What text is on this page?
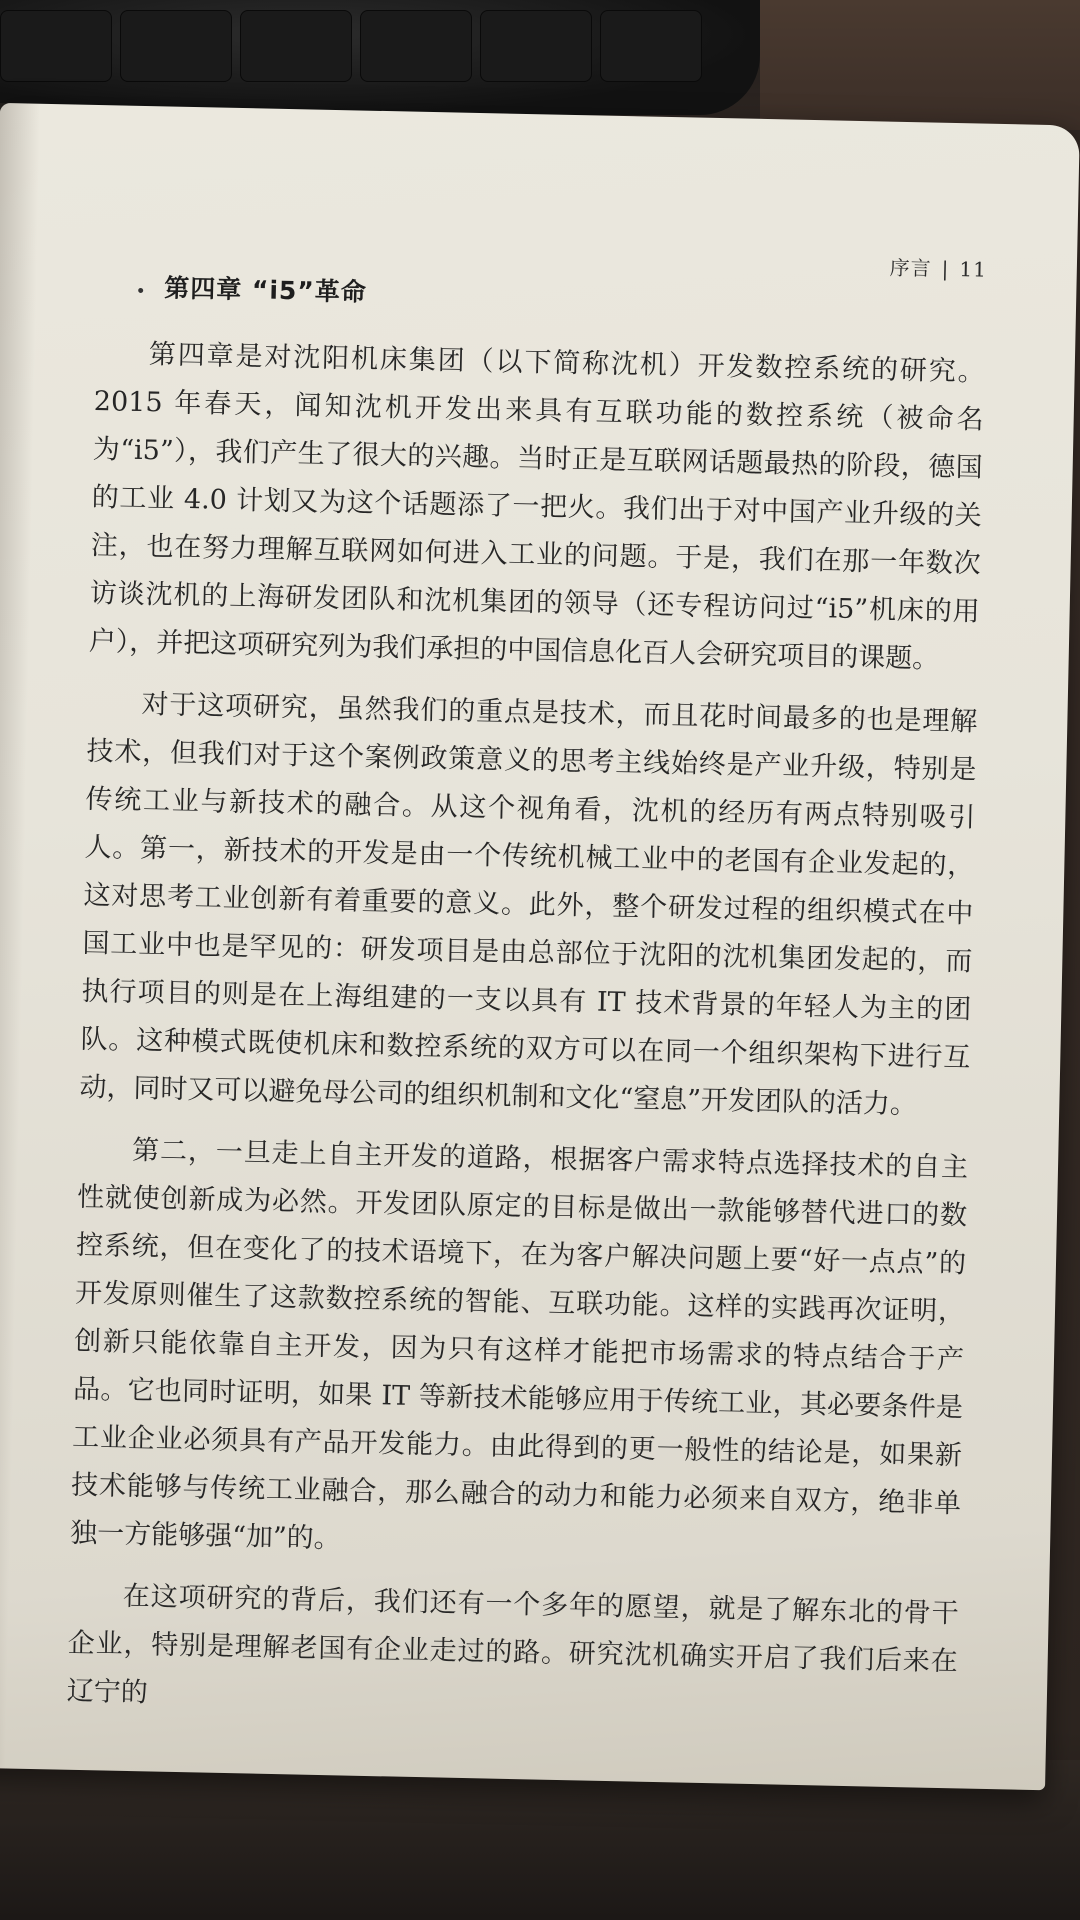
序言 | 11
第四章 “i5”革命

第四章是对沈阳机床集团（以下简称沈机）开发数控系统的研究。2015 年春天，闻知沈机开发出来具有互联功能的数控系统（被命名为“i5”），我们产生了很大的兴趣。当时正是互联网话题最热的阶段，德国的工业 4.0 计划又为这个话题添了一把火。我们出于对中国产业升级的关注，也在努力理解互联网如何进入工业的问题。于是，我们在那一年数次访谈沈机的上海研发团队和沈机集团的领导（还专程访问过“i5”机床的用户），并把这项研究列为我们承担的中国信息化百人会研究项目的课题。

对于这项研究，虽然我们的重点是技术，而且花时间最多的也是理解技术，但我们对于这个案例政策意义的思考主线始终是产业升级，特别是传统工业与新技术的融合。从这个视角看，沈机的经历有两点特别吸引人。第一，新技术的开发是由一个传统机械工业中的老国有企业发起的，这对思考工业创新有着重要的意义。此外，整个研发过程的组织模式在中国工业中也是罕见的：研发项目是由总部位于沈阳的沈机集团发起的，而执行项目的则是在上海组建的一支以具有 IT 技术背景的年轻人为主的团队。这种模式既使机床和数控系统的双方可以在同一个组织架构下进行互动，同时又可以避免母公司的组织机制和文化“窒息”开发团队的活力。

第二，一旦走上自主开发的道路，根据客户需求特点选择技术的自主性就使创新成为必然。开发团队原定的目标是做出一款能够替代进口的数控系统，但在变化了的技术语境下，在为客户解决问题上要“好一点点”的开发原则催生了这款数控系统的智能、互联功能。这样的实践再次证明，创新只能依靠自主开发，因为只有这样才能把市场需求的特点结合于产品。它也同时证明，如果 IT 等新技术能够应用于传统工业，其必要条件是工业企业必须具有产品开发能力。由此得到的更一般性的结论是，如果新技术能够与传统工业融合，那么融合的动力和能力必须来自双方，绝非单独一方能够强“加”的。

在这项研究的背后，我们还有一个多年的愿望，就是了解东北的骨干企业，特别是理解老国有企业走过的路。研究沈机确实开启了我们后来在辽宁的
